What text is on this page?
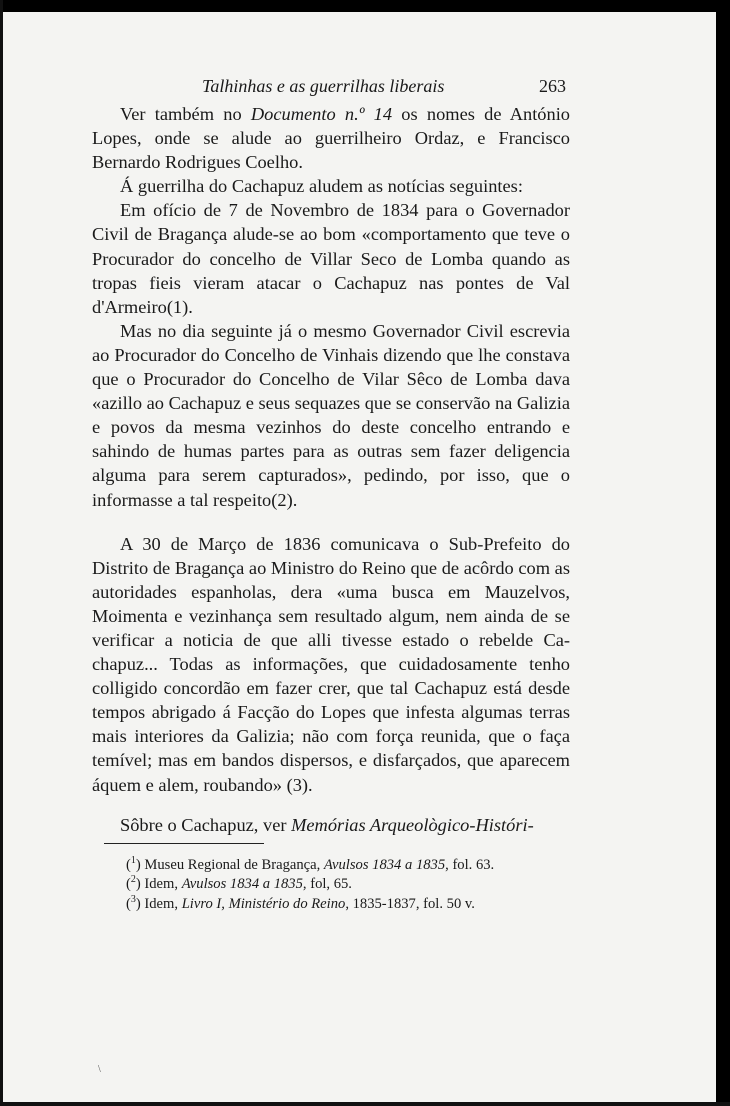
Talhinhas e as guerrilhas liberais	263

Ver também no Documento n.º 14 os nomes de António Lopes, onde se alude ao guerrilheiro Ordaz, e Francisco Bernardo Rodrigues Coelho.

Á guerrilha do Cachapuz aludem as notícias seguintes:

Em ofício de 7 de Novembro de 1834 para o Governador Civil de Bragança alude-se ao bom «comportamento que teve o Procurador do concelho de Villar Seco de Lomba quando as tropas fieis vieram atacar o Cachapuz nas pontes de Val d'Armeiro(1).

Mas no dia seguinte já o mesmo Governador Civil escrevia ao Procurador do Concelho de Vinhais dizendo que lhe constava que o Procurador do Concelho de Vilar Sêco de Lomba dava «azillo ao Cachapuz e seus sequazes que se conservão na Galizia e povos da mesma vezinhos do deste concelho entrando e sahindo de humas partes para as outras sem fazer deligencia alguma para serem capturados», pedindo, por isso, que o informasse a tal respeito(2).

A 30 de Março de 1836 comunicava o Sub-Prefeito do Distrito de Bragança ao Ministro do Reino que de acôrdo com as autoridades espanholas, dera «uma busca em Mauzelvos, Moimenta e vezinhança sem resultado algum, nem ainda de se verificar a noticia de que alli tivesse estado o rebelde Cachapuz... Todas as informações, que cuidadosamente tenho colligido concordão em fazer crer, que tal Cachapuz está desde tempos abrigado á Facção do Lopes que infesta algumas terras mais interiores da Galizia; não com força reunida, que o faça temível; mas em bandos dispersos, e disfarçados, que aparecem áquem e alem, roubando» (3).

Sôbre o Cachapuz, ver Memórias Arqueològico-Históri-

($^1$) Museu Regional de Bragança, Avulsos 1834 a 1835, fol. 63.
($^2$) Idem, Avulsos 1834 a 1835, fol, 65.
($^3$) Idem, Livro I, Ministério do Reino, 1835-1837, fol. 50 v.
\
